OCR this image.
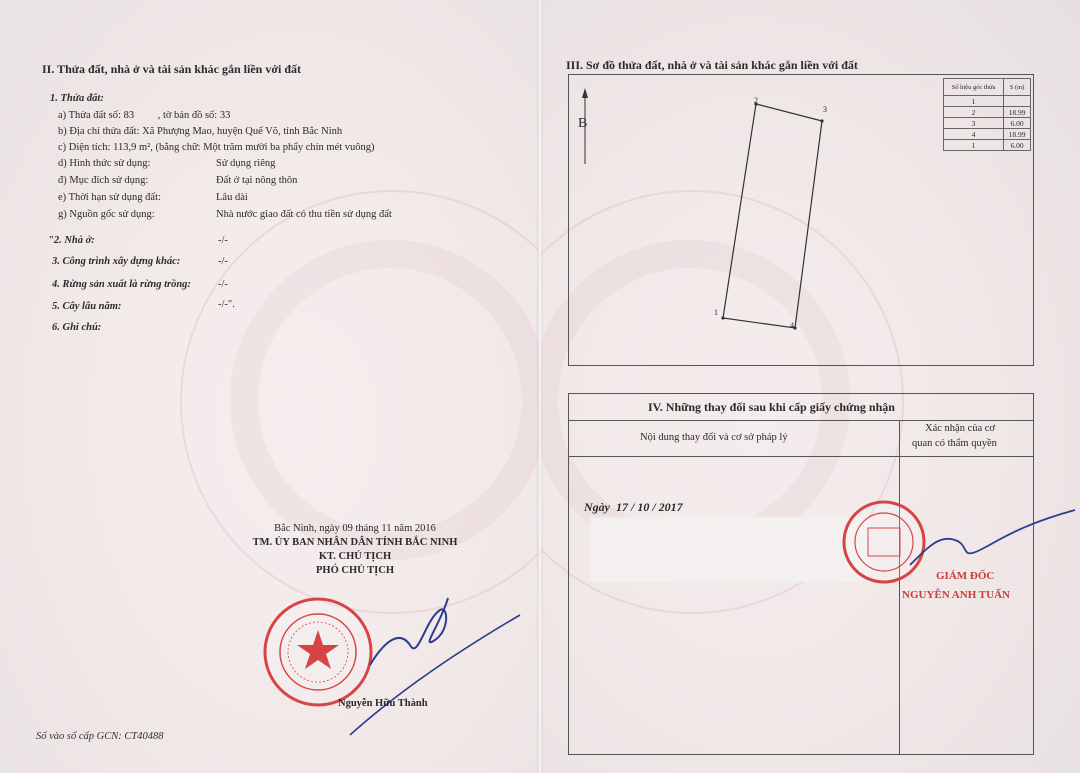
II. Thửa đất, nhà ở và tài sản khác gắn liền với đất
1. Thửa đất:
a) Thửa đất số: 83         , tờ bản đồ số: 33
b) Địa chỉ thửa đất: Xã Phượng Mao, huyện Quế Võ, tỉnh Bắc Ninh
c) Diện tích: 113,9 m², (bằng chữ: Một trăm mười ba phẩy chín mét vuông)
d) Hình thức sử dụng:	Sử dụng riêng
đ) Mục đích sử dụng:	Đất ở tại nông thôn
e) Thời hạn sử dụng đất:	Lâu dài
g) Nguồn gốc sử dụng:	Nhà nước giao đất có thu tiền sử dụng đất
"2. Nhà ở:	-/-
3. Công trình xây dựng khác:	-/-
4. Rừng sản xuất là rừng trồng:	-/-
5. Cây lâu năm:	-/-".
6. Ghi chú:
Bắc Ninh, ngày 09 tháng 11 năm 2016
TM. ỦY BAN NHÂN DÂN TỈNH BẮC NINH
KT. CHỦ TỊCH
PHÓ CHỦ TỊCH
Nguyễn Hữu Thành
Số vào sổ cấp GCN: CT40488
III. Sơ đồ thửa đất, nhà ở và tài sản khác gắn liền với đất
B
2
3
1
4
Số hiệu góc thửa	S (m)
1	
2	18.99
3	6.00
4	18.99
1	6.00
IV. Những thay đổi sau khi cấp giấy chứng nhận
Nội dung thay đổi và cơ sở pháp lý
Xác nhận của cơ
quan có thẩm quyền
Ngày  17 / 10 / 2017
GIÁM ĐỐC
NGUYỄN ANH TUẤN
